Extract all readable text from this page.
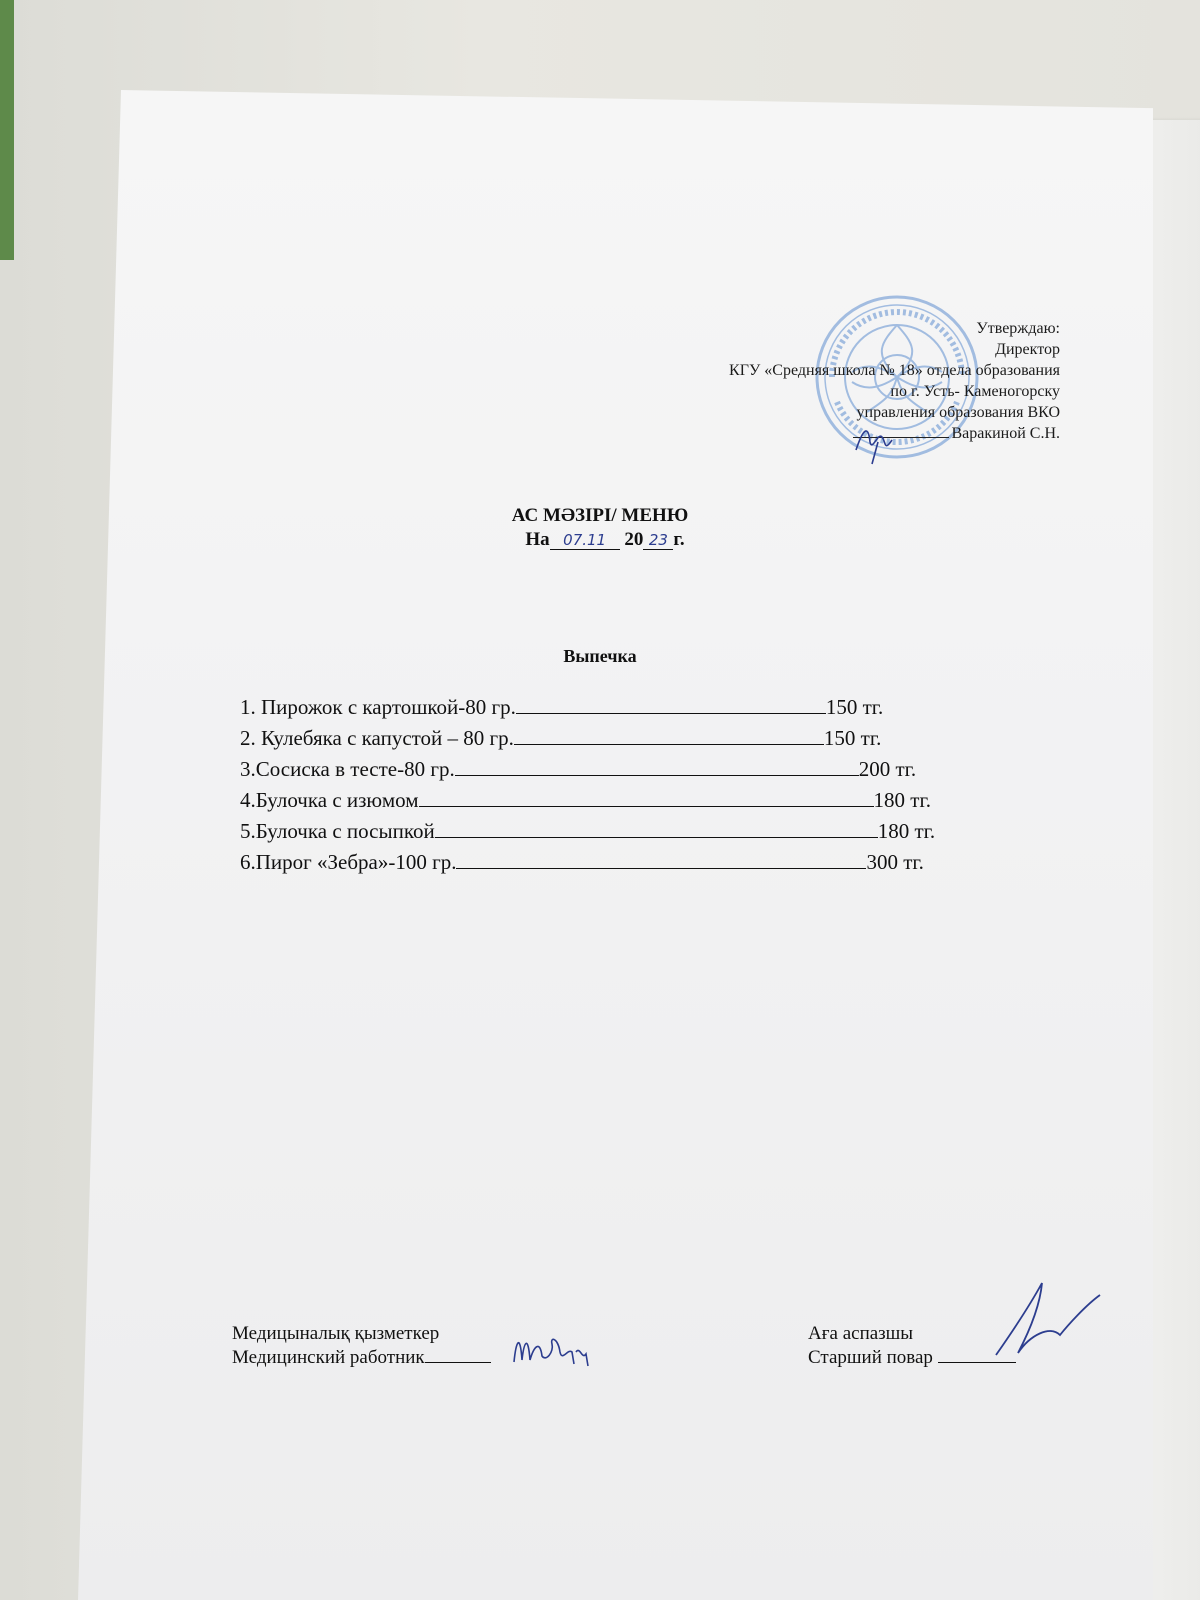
Утверждаю:
Директор
КГУ «Средняя школа № 18» отдела образования
по г. Усть- Каменогорску
управления образования ВКО
Варакиной С.Н.
АС МӘЗІРІ/ МЕНЮ
На 07.11 20 23 г.
Выпечка
1. Пирожок с картошкой-80 гр.	150 тг.
2. Кулебяка с капустой – 80 гр.	150 тг.
3.Сосиска в тесте-80 гр.	200 тг.
4.Булочка с изюмом	180 тг.
5.Булочка с посыпкой	180 тг.
6.Пирог «Зебра»-100 гр.	300 тг.
Медицыналық қызметкер
Медицинский работник
Аға аспазшы
Старший повар
